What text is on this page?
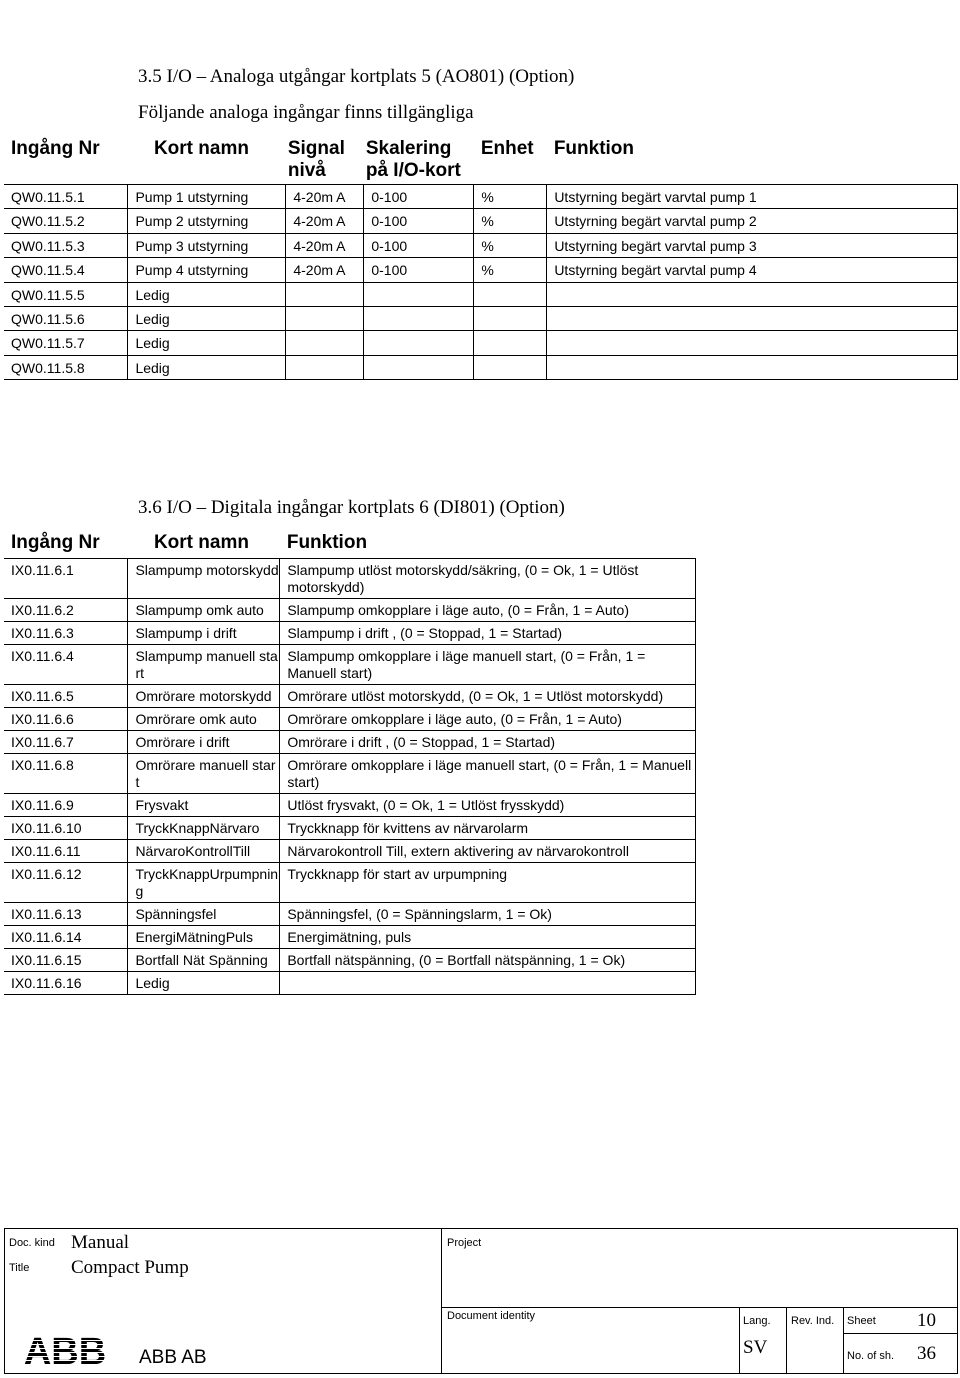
3.5 I/O – Analoga utgångar kortplats 5 (AO801) (Option)
Följande analoga ingångar finns tillgängliga
Ingång Nr	Kort namn	Signal nivå	Skalering på I/O-kort	Enhet	Funktion
QW0.11.5.1	Pump 1 utstyrning	4-20m A	0-100	%	Utstyrning begärt varvtal pump 1
QW0.11.5.2	Pump 2 utstyrning	4-20m A	0-100	%	Utstyrning begärt varvtal pump 2
QW0.11.5.3	Pump 3 utstyrning	4-20m A	0-100	%	Utstyrning begärt varvtal pump 3
QW0.11.5.4	Pump 4 utstyrning	4-20m A	0-100	%	Utstyrning begärt varvtal pump 4
QW0.11.5.5	Ledig				
QW0.11.5.6	Ledig				
QW0.11.5.7	Ledig				
QW0.11.5.8	Ledig				
3.6 I/O – Digitala ingångar kortplats 6 (DI801) (Option)
Ingång Nr	Kort namn	Funktion
IX0.11.6.1	Slampump motorskydd	Slampump utlöst motorskydd/säkring, (0 = Ok, 1 = Utlöst motorskydd)
IX0.11.6.2	Slampump omk auto	Slampump omkopplare i läge auto, (0 = Från, 1 = Auto)
IX0.11.6.3	Slampump i drift	Slampump i drift , (0 = Stoppad, 1 = Startad)
IX0.11.6.4	Slampump manuell start	Slampump omkopplare i läge manuell start, (0 = Från, 1 = Manuell start)
IX0.11.6.5	Omrörare motorskydd	Omrörare utlöst motorskydd, (0 = Ok, 1 = Utlöst motorskydd)
IX0.11.6.6	Omrörare omk auto	Omrörare omkopplare i läge auto, (0 = Från, 1 = Auto)
IX0.11.6.7	Omrörare i drift	Omrörare i drift , (0 = Stoppad, 1 = Startad)
IX0.11.6.8	Omrörare manuell start	Omrörare omkopplare i läge manuell start, (0 = Från, 1 = Manuell start)
IX0.11.6.9	Frysvakt	Utlöst frysvakt, (0 = Ok, 1 = Utlöst frysskydd)
IX0.11.6.10	TryckKnappNärvaro	Tryckknapp för kvittens av närvarolarm
IX0.11.6.11	NärvaroKontrollTill	Närvarokontroll Till, extern aktivering av närvarokontroll
IX0.11.6.12	TryckKnappUrpumpning	Tryckknapp för start av urpumpning
IX0.11.6.13	Spänningsfel	Spänningsfel, (0 = Spänningslarm, 1 = Ok)
IX0.11.6.14	EnergiMätningPuls	Energimätning, puls
IX0.11.6.15	Bortfall Nät Spänning	Bortfall nätspänning, (0 = Bortfall nätspänning, 1 = Ok)
IX0.11.6.16	Ledig	
Doc. kind Manual
Title Compact Pump
Project
Document identity	Lang.
SV
Rev. Ind. Sheet 10
No. of sh. 36
ABB ABB AB
